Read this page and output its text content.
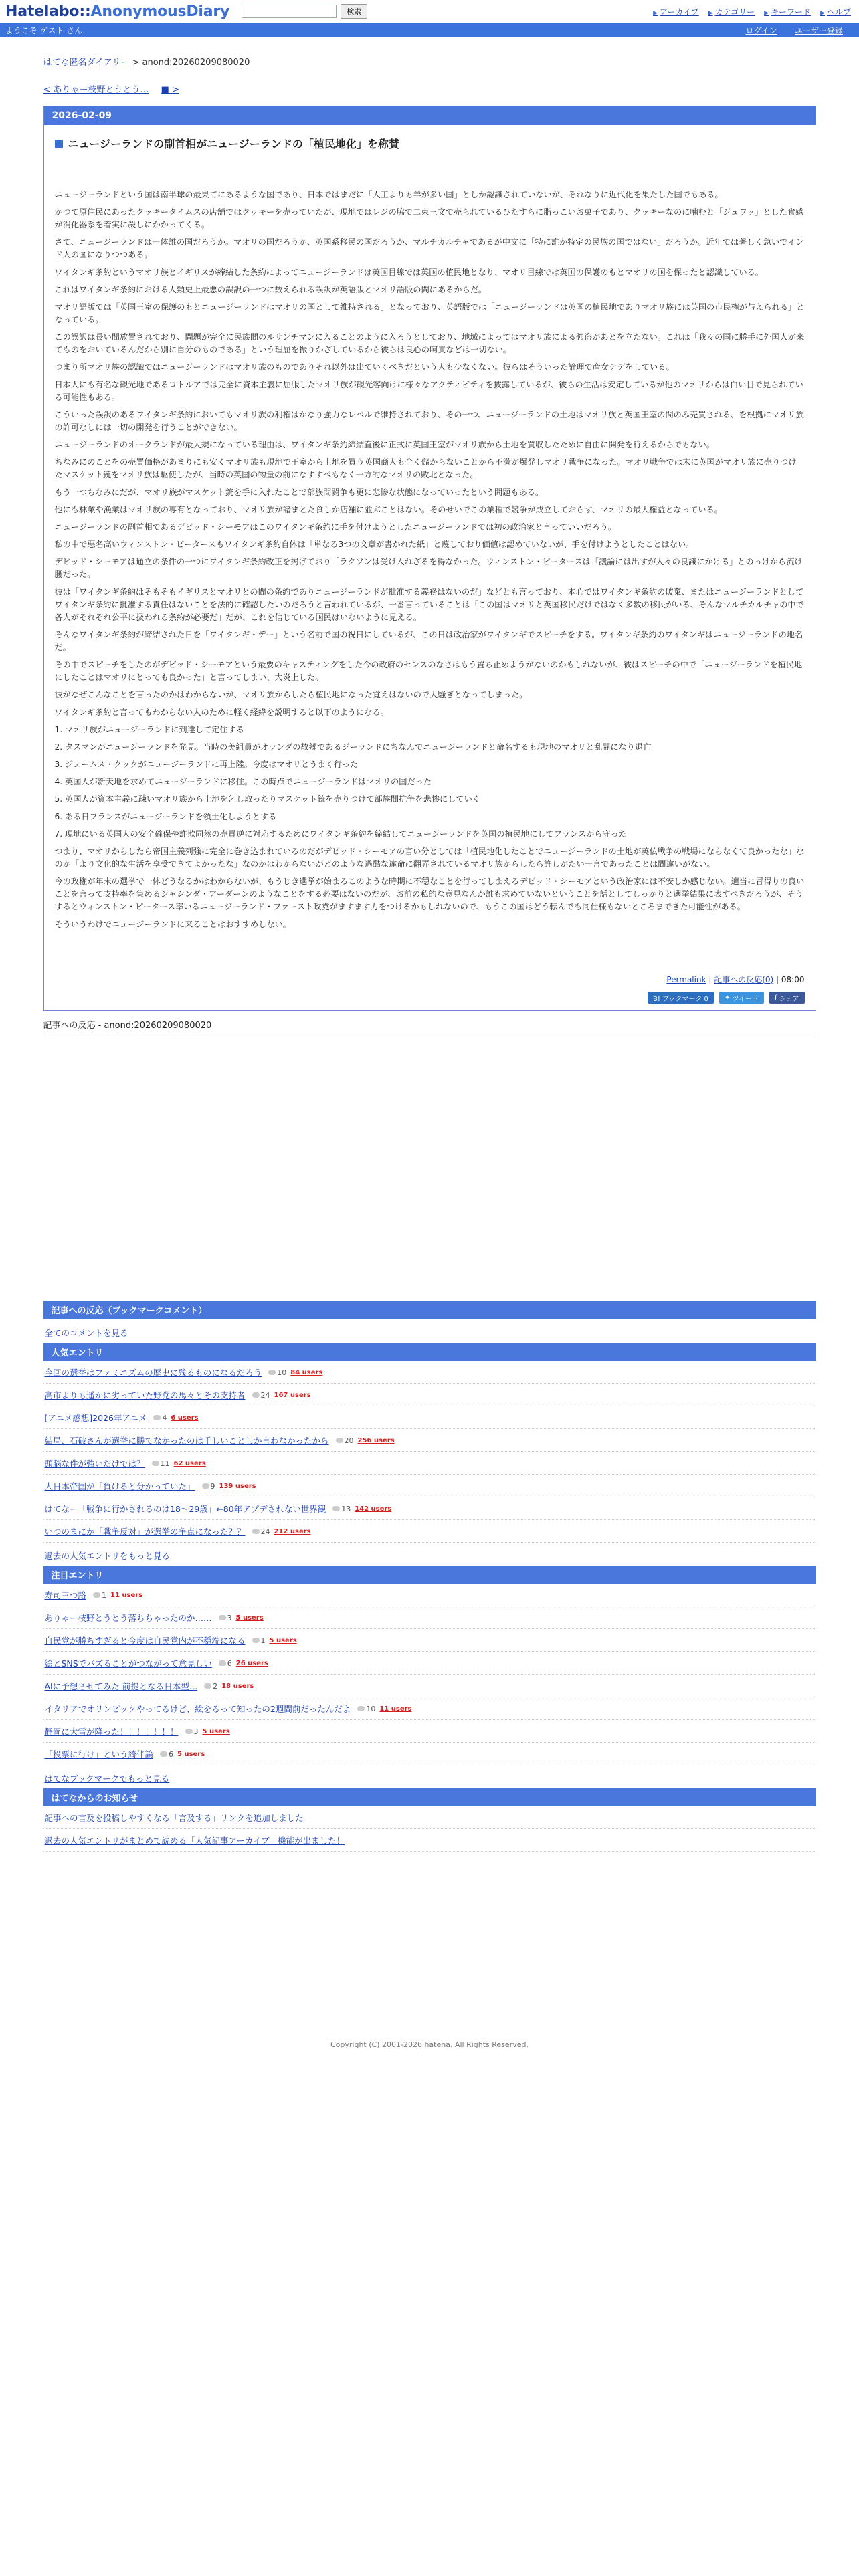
Hatelabo::AnonymousDiary	検索	▶ アーカイブ ▶ カテゴリー ▶ キーワード ▶ ヘルプ
ようこそ ゲスト さん	ログイン ユーザー登録
はてな匿名ダイアリー > anond:20260209080020
< ありゃー枝野とうとう… ■ >
2026-02-09
ニュージーランドの副首相がニュージーランドの「植民地化」を称賛

ニュージーランドという国は南半球の最果てにあるような国であり、日本ではまだに「人工よりも羊が多い国」としか認識されていないが、それなりに近代化を果たした国でもある。

かつて原住民にあったクッキータイムスの店舗ではクッキーを売っていたが、現地ではレジの脇で二束三文で売られているひたすらに脂っこいお菓子であり、クッキーなのに噛むと「ジュワッ」とした食感が消化器系を着実に殺しにかかってくる。

さて、ニュージーランドは一体誰の国だろうか。マオリの国だろうか、英国系移民の国だろうか、マルチカルチャであるが中文に「特に誰か特定の民族の国ではない」だろうか。近年では著しく急いでインド人の国になりつつある。

ワイタンギ条約というマオリ族とイギリスが締結した条約によってニュージーランドは英国目線では英国の植民地となり、マオリ目線では英国の保護のもとマオリの国を保ったと認識している。

これはワイタンギ条約における人類史上最悪の誤訳の一つに数えられる誤訳が英語版とマオリ語版の間にあるからだ。

マオリ語版では「英国王室の保護のもとニュージーランドはマオリの国として維持される」となっており、英語版では「ニュージーランドは英国の植民地でありマオリ族には英国の市民権が与えられる」となっている。

この誤訳は長い間放置されており、問題が完全に民族間のルサンチマンに入ることのように入ろうとしており、地域によってはマオリ族による強盗があとを立たない。これは「我々の国に勝手に外国人が来てものをおいているんだから別に自分のものである」という理屈を振りかざしているから彼らは良心の呵責などは一切ない。

つまり所マオリ族の認識ではニュージーランドはマオリ族のものでありそれ以外は出ていくべきだという人も少なくない。彼らはそういった論理で産女テデをしている。

日本人にも有名な観光地であるロトルアでは完全に資本主義に屈服したマオリ族が観光客向けに様々なアクティビティを披露しているが、彼らの生活は安定しているが他のマオリからは白い目で見られている可能性もある。

こういった誤訳のあるワイタンギ条約においてもマオリ族の利権はかなり強力なレベルで維持されており、その一つ、ニュージーランドの土地はマオリ族と英国王室の間のみ売買される、を根拠にマオリ族の許可なしには一切の開発を行うことができない。

ニュージーランドのオークランドが最大規になっている理由は、ワイタンギ条約締結直後に正式に英国王室がマオリ族から土地を買収したために自由に開発を行えるからでもない。

ちなみにのことをの売買価格があまりにも安くマオリ族も現地で王室から土地を買う英国商人も全く儲からないことから不満が爆発しマオリ戦争になった。マオリ戦争では末に英国がマオリ族に売りつけたマスケット銃をマオリ族は駆使したが、当時の英国の物量の前になすすべもなく一方的なマオリの敗北となった。

もう一つちなみにだが、マオリ族がマスケット銃を手に入れたことで部族間闘争も更に悲惨な状態になっていったという問題もある。

他にも林業や漁業はマオリ族の専有となっており、マオリ族が諸まとた食しか店舗に並ぶことはない。そのせいでこの業種で競争が成立しておらず、マオリの最大権益となっている。

ニュージーランドの副首相であるデビッド・シーモアはこのワイタンギ条約に手を付けようとしたニュージーランドでは初の政治家と言っていいだろう。

私の中で悪名高いウィンストン・ピータースもワイタンギ条約自体は「単なる3つの文章が書かれた紙」と蔑しており価値は認めていないが、手を付けようとしたことはない。

デビッド・シーモアは通立の条件の一つにワイタンギ条約改正を掲げており「ラクソンは受け入れざるを得なかった。ウィンストン・ピータースは「議論には出すが人々の良識にかける」とのっけから流け腰だった。

彼は「ワイタンギ条約はそもそもイギリスとマオリとの間の条約でありニュージーランドが批准する義務はないのだ」などとも言っており、本心ではワイタンギ条約の破棄、またはニュージーランドとしてワイタンギ条約に批准する責任はないことを法的に確認したいのだろうと言われているが、一番言っていることは「この国はマオリと英国移民だけではなく多数の移民がいる、そんなマルチカルチャの中で各人がそれぞれ公平に扱われる条約が必要だ」だが、これを信じている国民はいないように見える。

そんなワイタンギ条約が締結された日を「ワイタンギ・デー」という名前で国の祝日にしているが、この日は政治家がワイタンギでスピーチをする。ワイタンギ条約のワイタンギはニュージーランドの地名だ。

その中でスピーチをしたのがデビッド・シーモアという最要のキャスティングをした今の政府のセンスのなさはもう置ち止めようがないのかもしれないが、彼はスピーチの中で「ニュージーランドを植民地にしたことはマオリにとっても良かった」と言ってしまい、大炎上した。

彼がなぜこんなことを言ったのかはわからないが、マオリ族からしたら植民地になった覚えはないので大騒ぎとなってしまった。

ワイタンギ条約と言ってもわからない人のために軽く経緯を説明すると以下のようになる。

1. マオリ族がニュージーランドに到達して定住する

2. タスマンがニュージーランドを発見。当時の美組員がオランダの故郷であるジーランドにちなんでニュージーランドと命名するも現地のマオリと乱闘になり退亡

3. ジェームス・クックがニュージーランドに再上陸。今度はマオリとうまく行った

4. 英国人が新天地を求めてニュージーランドに移住。この時点でニュージーランドはマオリの国だった

5. 英国人が資本主義に疎いマオリ族から土地を乞し取ったりマスケット銃を売りつけて部族間抗争を悲惨にしていく

6. ある日フランスがニュージーランドを領土化しようとする

7. 現地にいる英国人の安全確保や詐欺同然の売買逆に対応するためにワイタンギ条約を締結してニュージーランドを英国の植民地にしてフランスから守った

つまり、マオリからしたら帝国主義列強に完全に巻き込まれているのだがデビッド・シーモアの言い分としては「植民地化したことでニュージーランドの土地が英仏戦争の戦場にならなくて良かったな」なのか「より文化的な生活を享受できてよかったな」なのかはわからないがどのような過酷な違命に翻弄されているマオリ族からしたら許しがたい一言であったことは間違いがない。

今の政権が年末の選挙で一体どうなるかはわからないが、もうじき選挙が始まるこのような時期に不穏なことを行ってしまえるデビッド・シーモアという政治家には不安しか感じない。適当に冒得りの良いことを言って支持率を集めるジャシンダ・アーダーンのようなことをする必要はないのだが、お前の私的な意見なんか誰も求めていないということを話としてしっかりと選挙結果に表すべきだろうが、そうするとウィンストン・ピータース率いるニュージーランド・ファースト政党がますます力をつけるかもしれないので、もうこの国はどう転んでも同仕様もないところまできた可能性がある。

そういうわけでニュージーランドに来ることはおすすめしない。

Permalink | 記事への反応(0) | 08:00
B! ブックマーク 0	✦ ツイート f シェア
記事への反応 - anond:20260209080020
記事への反応（ブックマークコメント）
全てのコメントを見る
人気エントリ
今回の選挙はファミニズムの歴史に残るものになるだろう 10 84 users
高市よりも遥かに劣っていた野党の馬々とその支持者 24 167 users
[アニメ感想]2026年アニメ 4 6 users
結局、石破さんが選挙に勝てなかったのは千しいことしか言わなかったから 20 256 users
頭脳な件が強いだけでは？ 11 62 users
大日本帝国が「負けると分かっていた」 9 139 users
はてなー「戦争に行かされるのは18〜29歳」←80年アプデされない世界観 13 142 users
いつのまにか「戦争反対」が選挙の争点になった？？ 24 212 users
過去の人気エントリをもっと見る
注目エントリ
寿司三つ路 1 11 users
ありゃー枝野とうとう落ちちゃったのか…… 3 5 users
自民党が勝ちすぎると今度は自民党内が不穏端になる 1 5 users
絵とSNSでバズることがつながって意見しい 6 26 users
AIに予想させてみた 前提となる日本型… 2 18 users
イタリアでオリンピックやってるけど、絵をるって知ったの2週間前だったんだよ 10 11 users
静岡に大雪が降った！！！！！！！ 3 5 users
「投票に行け」という綺伴論 6 5 users
はてなブックマークでもっと見る
はてなからのお知らせ
記事への言及を投稿しやすくなる「言及する」リンクを追加しました
過去の人気エントリがまとめて読める「人気記事アーカイブ」機能が出ました！
Copyright (C) 2001-2026 hatena. All Rights Reserved.
